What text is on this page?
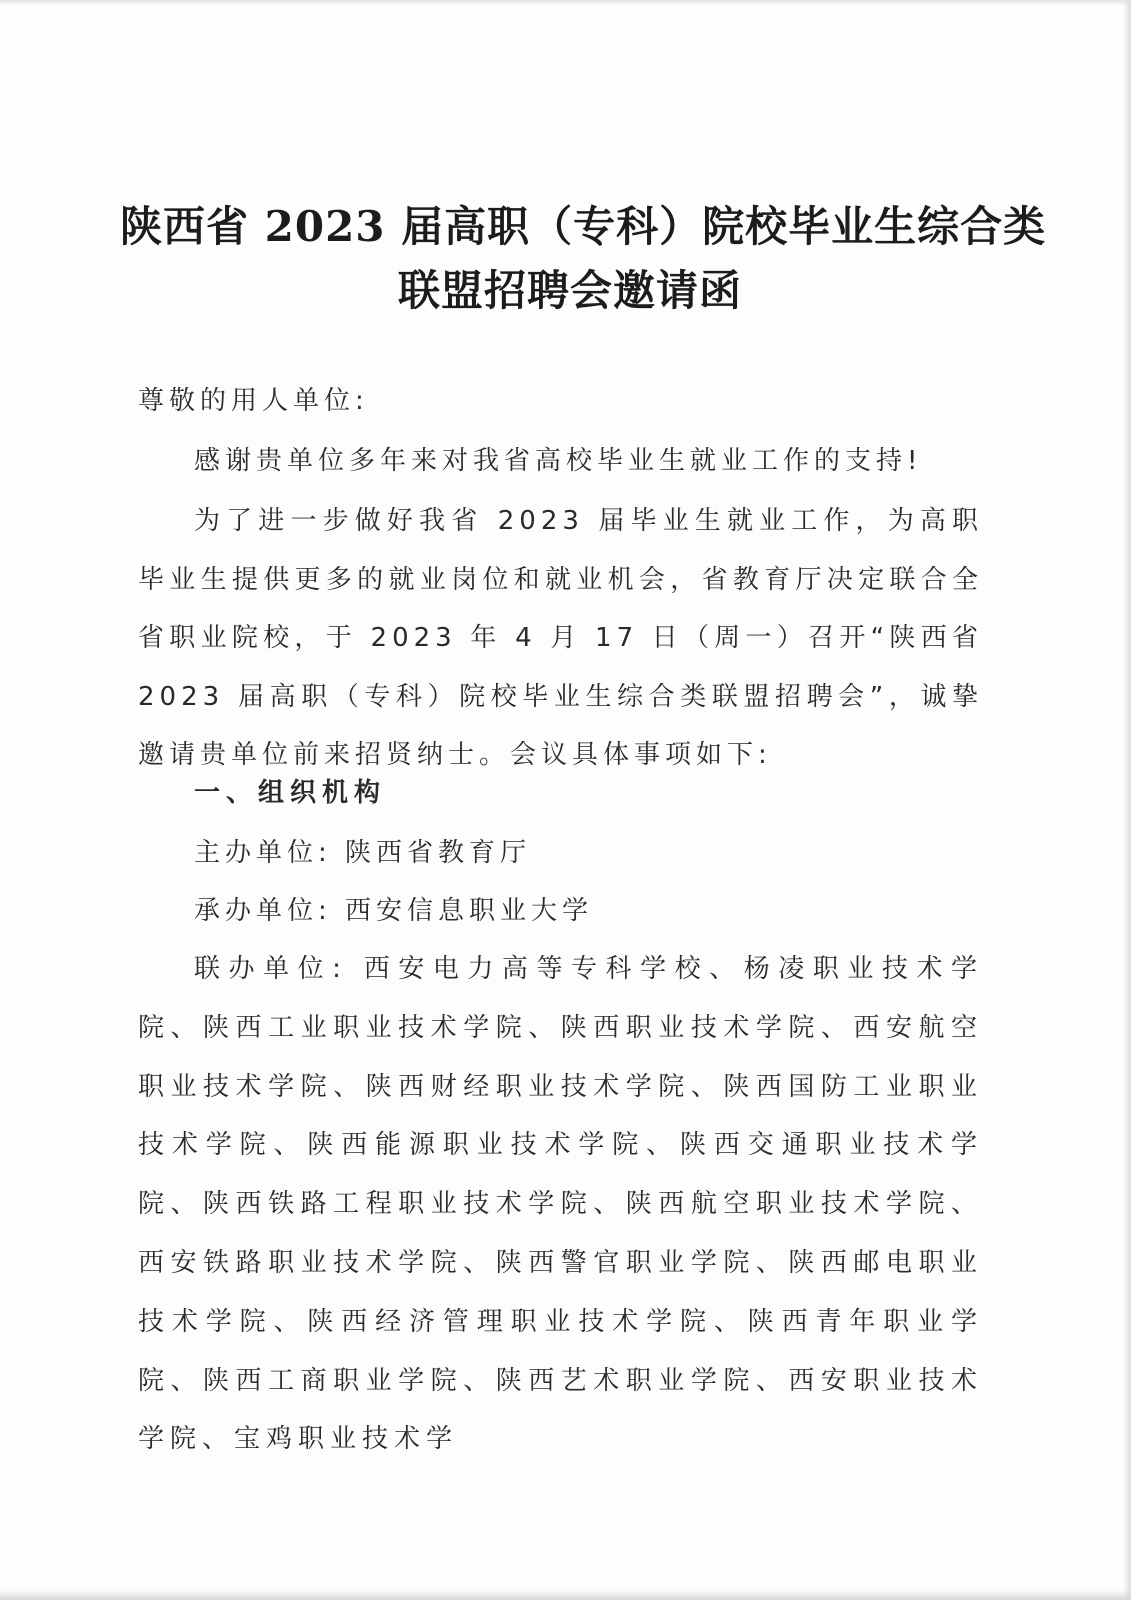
陕西省 2023 届高职（专科）院校毕业生综合类
联盟招聘会邀请函

尊敬的用人单位:

感谢贵单位多年来对我省高校毕业生就业工作的支持!

为了进一步做好我省 2023 届毕业生就业工作，为高职毕业生提供更多的就业岗位和就业机会，省教育厅决定联合全省职业院校，于 2023 年 4 月 17 日（周一）召开“陕西省 2023 届高职（专科）院校毕业生综合类联盟招聘会”，诚挚邀请贵单位前来招贤纳士。会议具体事项如下:

一、组织机构

主办单位: 陕西省教育厅

承办单位: 西安信息职业大学

联办单位: 西安电力高等专科学校、杨凌职业技术学院、陕西工业职业技术学院、陕西职业技术学院、西安航空职业技术学院、陕西财经职业技术学院、陕西国防工业职业技术学院、陕西能源职业技术学院、陕西交通职业技术学院、陕西铁路工程职业技术学院、陕西航空职业技术学院、西安铁路职业技术学院、陕西警官职业学院、陕西邮电职业技术学院、陕西经济管理职业技术学院、陕西青年职业学院、陕西工商职业学院、陕西艺术职业学院、西安职业技术学院、宝鸡职业技术学
